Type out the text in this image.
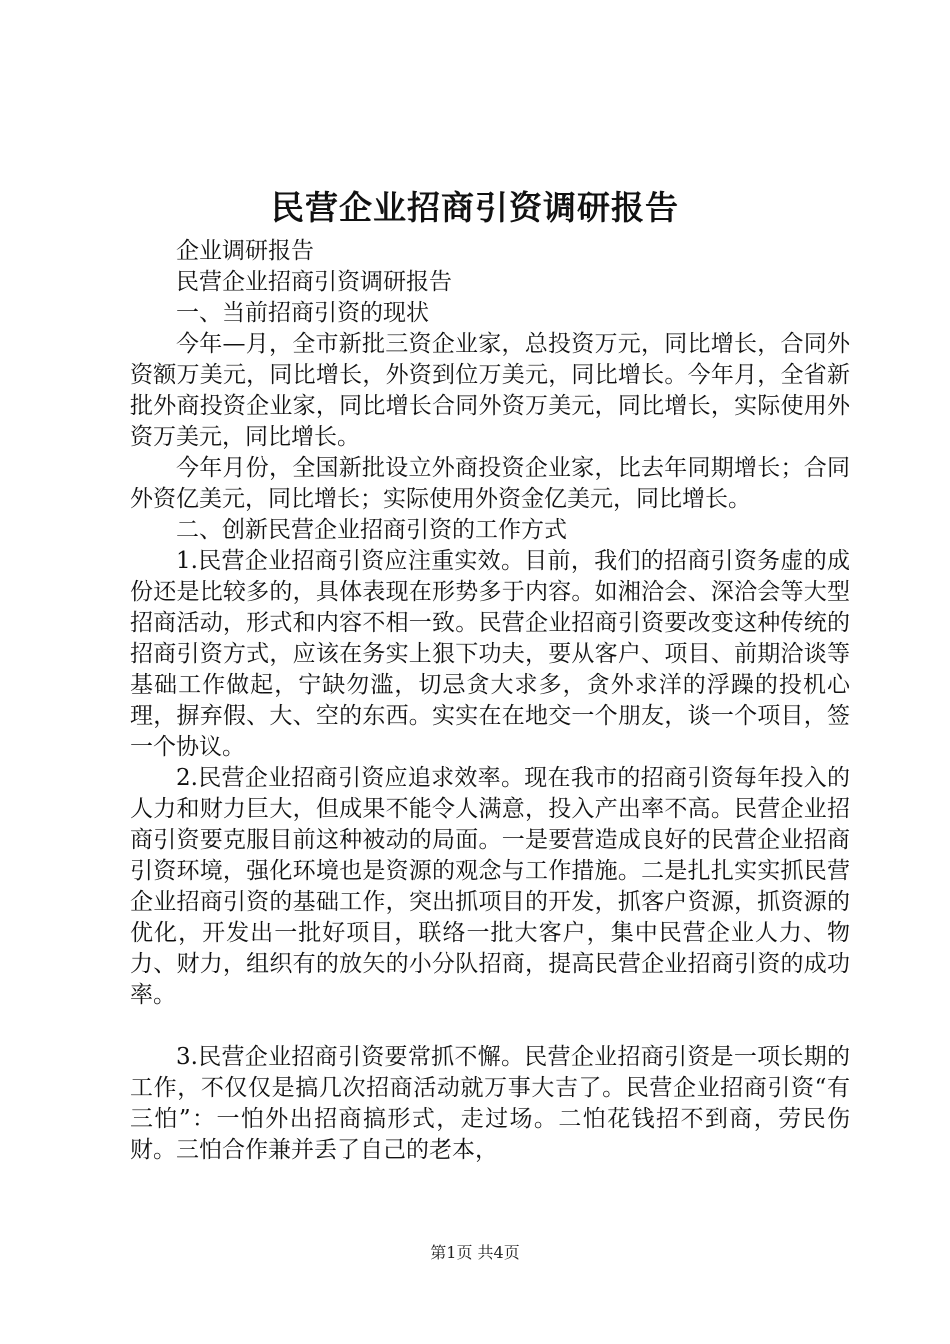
民营企业招商引资调研报告

企业调研报告

民营企业招商引资调研报告

一、当前招商引资的现状

今年—月，全市新批三资企业家，总投资万元，同比增长，合同外资额万美元，同比增长，外资到位万美元，同比增长。今年月，全省新批外商投资企业家，同比增长合同外资万美元，同比增长，实际使用外资万美元，同比增长。

今年月份，全国新批设立外商投资企业家，比去年同期增长；合同外资亿美元，同比增长；实际使用外资金亿美元，同比增长。

二、创新民营企业招商引资的工作方式

1.民营企业招商引资应注重实效。目前，我们的招商引资务虚的成份还是比较多的，具体表现在形势多于内容。如湘洽会、深洽会等大型招商活动，形式和内容不相一致。民营企业招商引资要改变这种传统的招商引资方式，应该在务实上狠下功夫，要从客户、项目、前期洽谈等基础工作做起，宁缺勿滥，切忌贪大求多，贪外求洋的浮躁的投机心理，摒弃假、大、空的东西。实实在在地交一个朋友，谈一个项目，签一个协议。

2.民营企业招商引资应追求效率。现在我市的招商引资每年投入的人力和财力巨大，但成果不能令人满意，投入产出率不高。民营企业招商引资要克服目前这种被动的局面。一是要营造成良好的民营企业招商引资环境，强化环境也是资源的观念与工作措施。二是扎扎实实抓民营企业招商引资的基础工作，突出抓项目的开发，抓客户资源，抓资源的优化，开发出一批好项目，联络一批大客户，集中民营企业人力、物力、财力，组织有的放矢的小分队招商，提高民营企业招商引资的成功率。

3.民营企业招商引资要常抓不懈。民营企业招商引资是一项长期的工作，不仅仅是搞几次招商活动就万事大吉了。民营企业招商引资“有三怕”：一怕外出招商搞形式，走过场。二怕花钱招不到商，劳民伤财。三怕合作兼并丢了自己的老本，

第1页 共4页
